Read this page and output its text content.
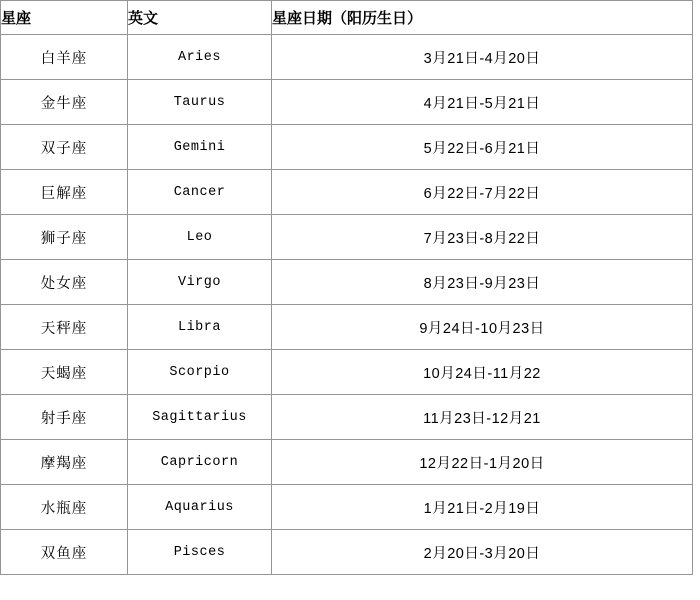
星座	英文	星座日期（阳历生日）
白羊座	Aries	3月21日-4月20日
金牛座	Taurus	4月21日-5月21日
双子座	Gemini	5月22日-6月21日
巨解座	Cancer	6月22日-7月22日
狮子座	Leo	7月23日-8月22日
处女座	Virgo	8月23日-9月23日
天秤座	Libra	9月24日-10月23日
天蝎座	Scorpio	10月24日-11月22
射手座	Sagittarius	11月23日-12月21
摩羯座	Capricorn	12月22日-1月20日
水瓶座	Aquarius	1月21日-2月19日
双鱼座	Pisces	2月20日-3月20日
